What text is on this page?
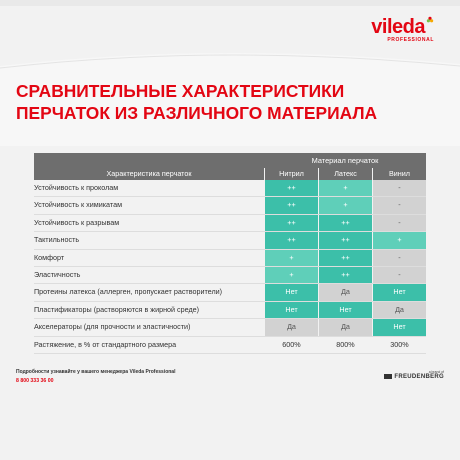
vileda
PROFESSIONAL
СРАВНИТЕЛЬНЫЕ ХАРАКТЕРИСТИКИ
ПЕРЧАТОК ИЗ РАЗЛИЧНОГО МАТЕРИАЛА
Материал перчаток
Характеристика перчаток	Нитрил	Латекс	Винил
Устойчивость к проколам	++	+	-
Устойчивость к химикатам	++	+	-
Устойчивость к разрывам	++	++	-
Тактильность	++	++	+
Комфорт	+	++	-
Эластичность	+	++	-
Протеины латекса (аллерген, пропускает растворители)	Нет	Да	Нет
Пластификаторы (растворяются в жирной среде)	Нет	Нет	Да
Акселераторы (для прочности и эластичности)	Да	Да	Нет
Растяжение, в % от стандартного размера	600%	800%	300%
Подробности узнавайте у вашего менеджера Vileda Professional
8 800 333 36 00
a brand of
FREUDENBERG
